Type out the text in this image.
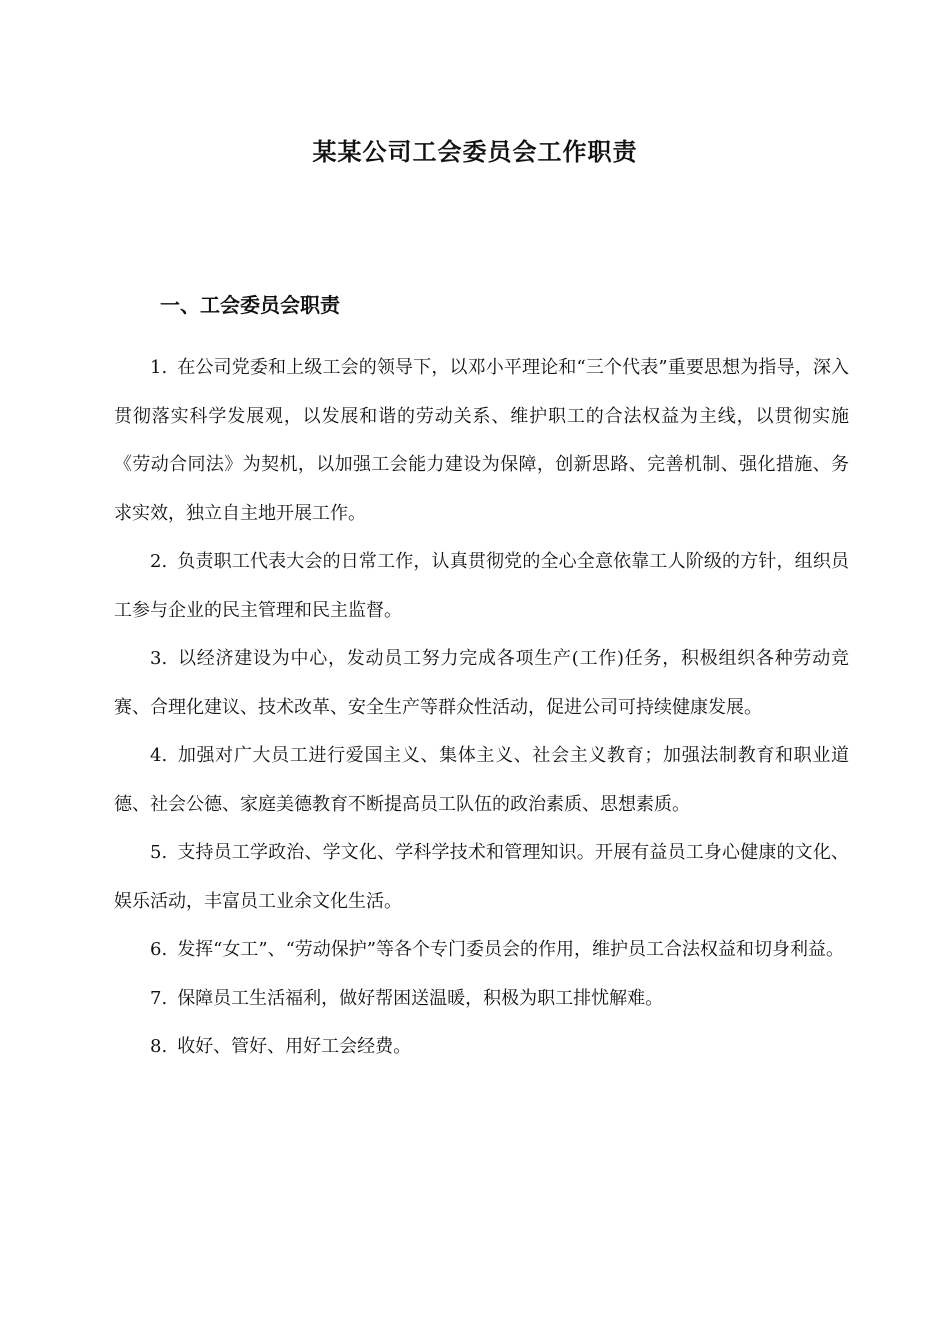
某某公司工会委员会工作职责
一、工会委员会职责
1. 在公司党委和上级工会的领导下，以邓小平理论和“三个代表”重要思想为指导，深入贯彻落实科学发展观，以发展和谐的劳动关系、维护职工的合法权益为主线，以贯彻实施《劳动合同法》为契机，以加强工会能力建设为保障，创新思路、完善机制、强化措施、务求实效，独立自主地开展工作。
2. 负责职工代表大会的日常工作，认真贯彻党的全心全意依靠工人阶级的方针，组织员工参与企业的民主管理和民主监督。
3. 以经济建设为中心，发动员工努力完成各项生产(工作)任务，积极组织各种劳动竞赛、合理化建议、技术改革、安全生产等群众性活动，促进公司可持续健康发展。
4. 加强对广大员工进行爱国主义、集体主义、社会主义教育；加强法制教育和职业道德、社会公德、家庭美德教育不断提高员工队伍的政治素质、思想素质。
5. 支持员工学政治、学文化、学科学技术和管理知识。开展有益员工身心健康的文化、娱乐活动，丰富员工业余文化生活。
6. 发挥“女工”、“劳动保护”等各个专门委员会的作用，维护员工合法权益和切身利益。
7. 保障员工生活福利，做好帮困送温暖，积极为职工排忧解难。
8. 收好、管好、用好工会经费。
